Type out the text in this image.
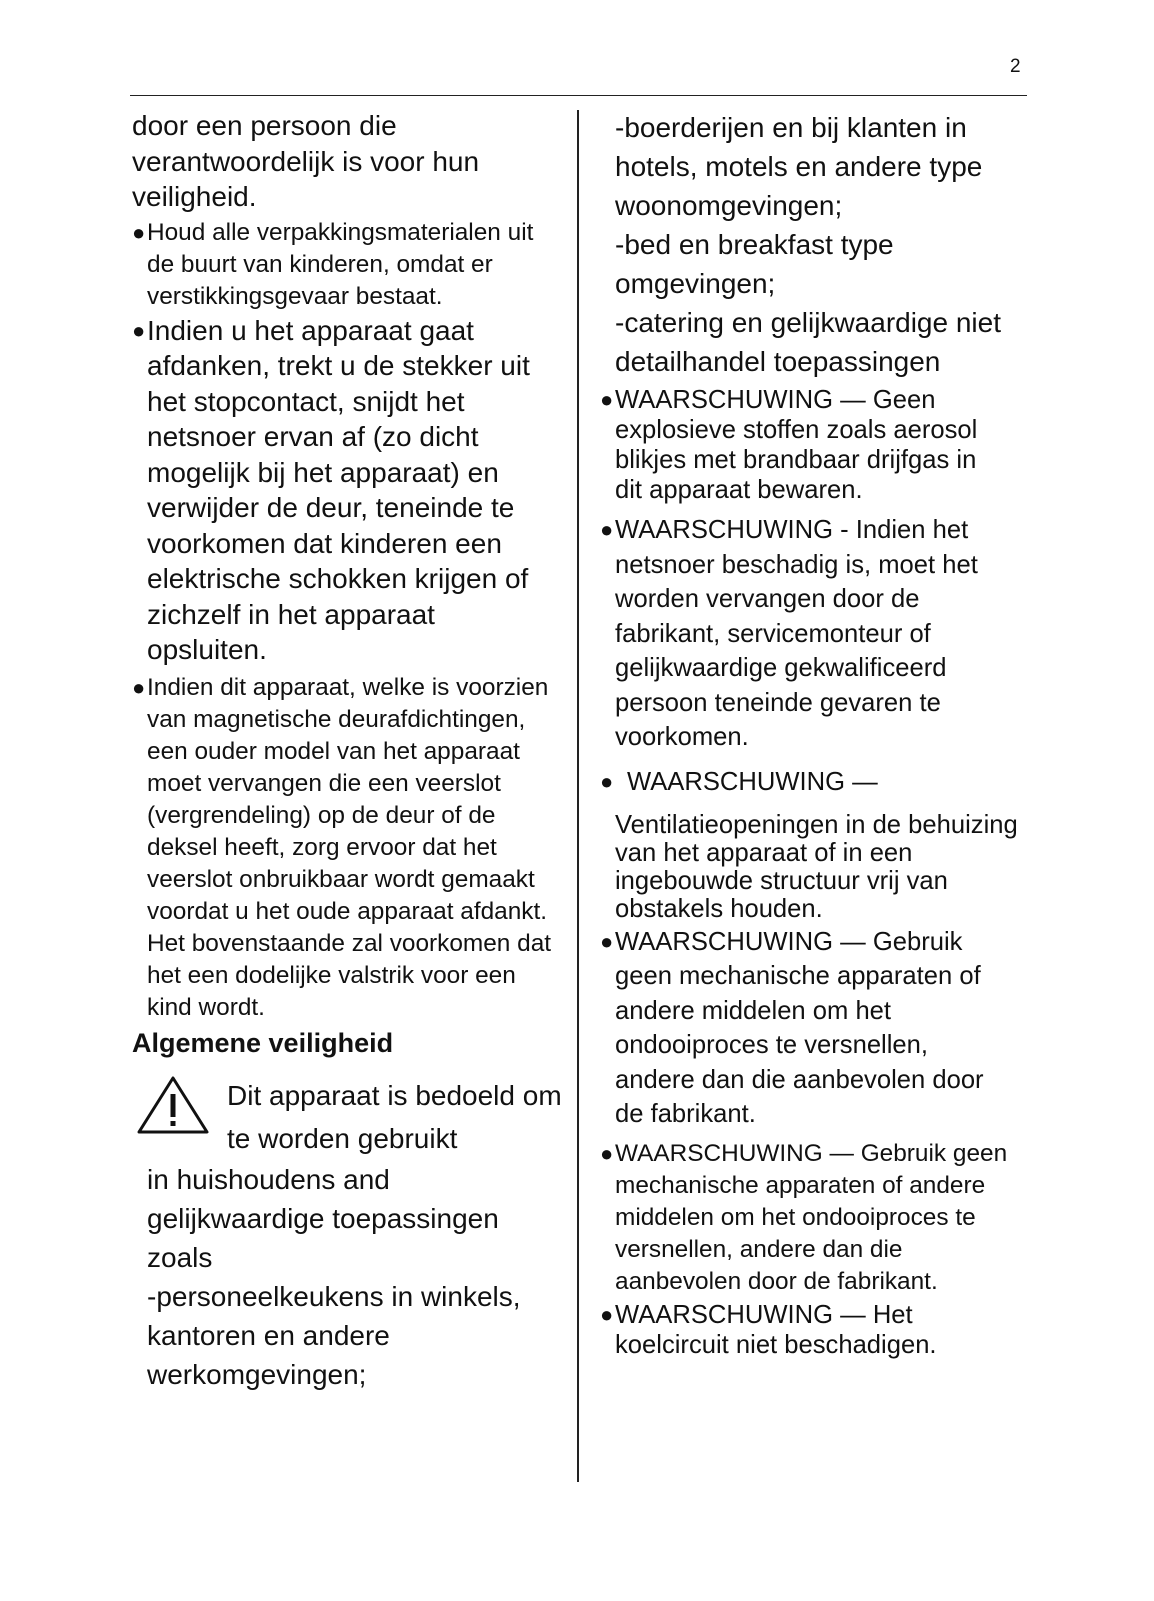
2
door een persoon die verantwoordelijk is voor hun veiligheid.
● Houd alle verpakkingsmaterialen uit de buurt van kinderen, omdat er verstikkingsgevaar bestaat.
● Indien u het apparaat gaat afdanken, trekt u de stekker uit het stopcontact, snijdt het netsnoer ervan af (zo dicht mogelijk bij het apparaat) en verwijder de deur, teneinde te voorkomen dat kinderen een elektrische schokken krijgen of zichzelf in het apparaat opsluiten.
● Indien dit apparaat, welke is voorzien van magnetische deurafdichtingen, een ouder model van het apparaat moet vervangen die een veerslot (vergrendeling) op de deur of de deksel heeft, zorg ervoor dat het veerslot onbruikbaar wordt gemaakt voordat u het oude apparaat afdankt. Het bovenstaande zal voorkomen dat het een dodelijke valstrik voor een kind wordt.
Algemene veiligheid
Dit apparaat is bedoeld om te worden gebruikt
in huishoudens and gelijkwaardige toepassingen zoals
-personeelkeukens in winkels, kantoren en andere werkomgevingen;
-boerderijen en bij klanten in hotels, motels en andere type woonomgevingen;
-bed en breakfast type omgevingen;
-catering en gelijkwaardige niet detailhandel toepassingen
● WAARSCHUWING — Geen explosieve stoffen zoals aerosol blikjes met brandbaar drijfgas in dit apparaat bewaren.
● WAARSCHUWING - Indien het netsnoer beschadig is, moet het worden vervangen door de fabrikant, servicemonteur of gelijkwaardige gekwalificeerd persoon teneinde gevaren te voorkomen.
● WAARSCHUWING —
Ventilatieopeningen in de behuizing van het apparaat of in een ingebouwde structuur vrij van obstakels houden.
● WAARSCHUWING — Gebruik geen mechanische apparaten of andere middelen om het ondooiproces te versnellen, andere dan die aanbevolen door de fabrikant.
● WAARSCHUWING — Gebruik geen mechanische apparaten of andere middelen om het ondooiproces te versnellen, andere dan die aanbevolen door de fabrikant.
● WAARSCHUWING — Het koelcircuit niet beschadigen.
